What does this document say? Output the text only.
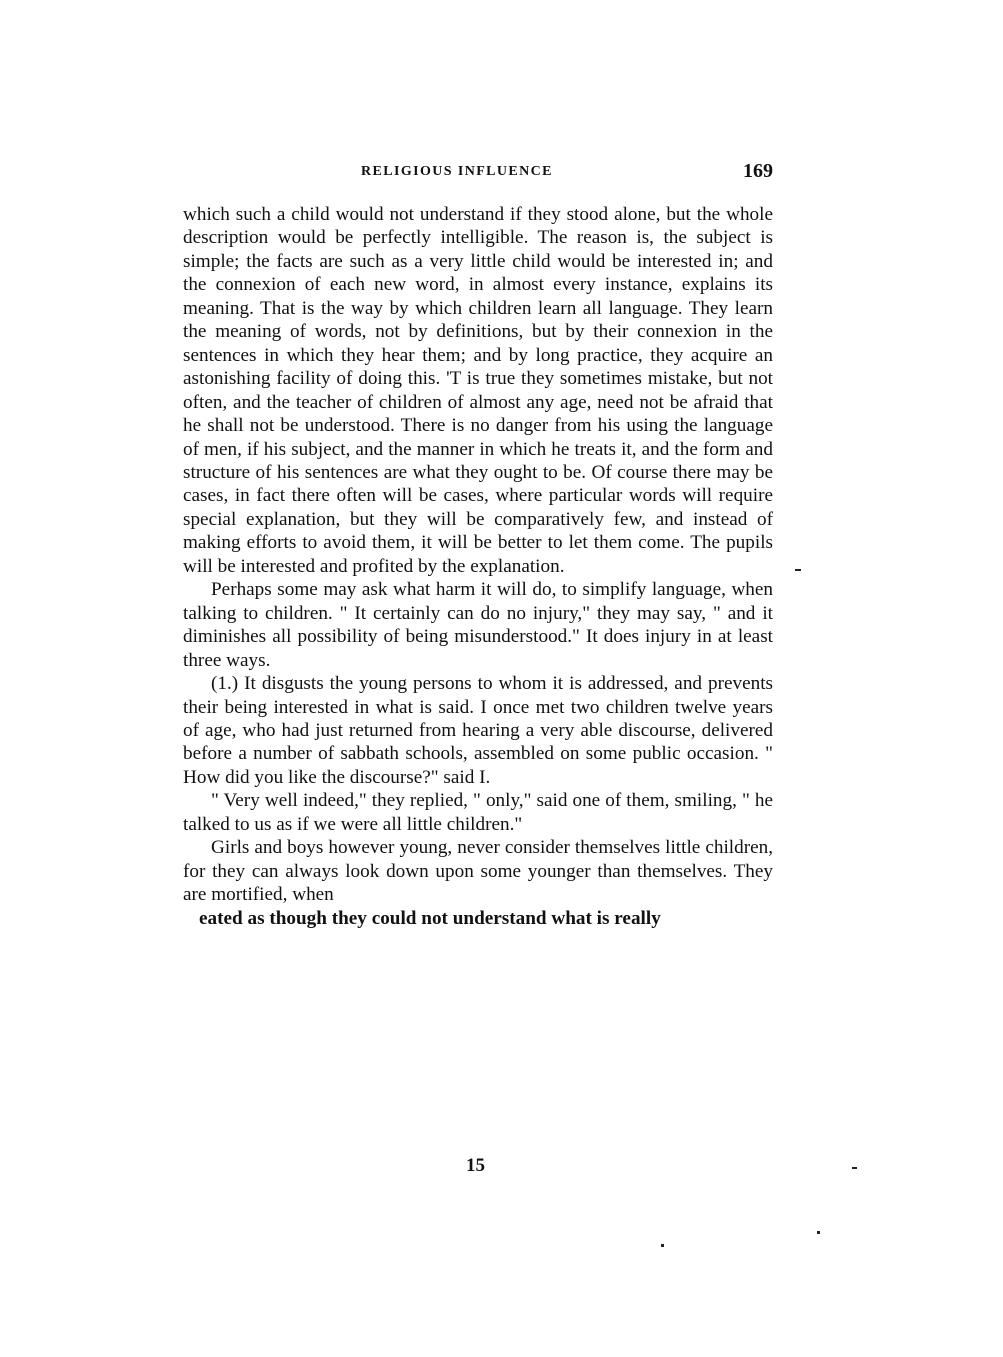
RELIGIOUS INFLUENCE	169

which such a child would not understand if they stood alone, but the whole description would be perfectly intelligible. The reason is, the subject is simple; the facts are such as a very little child would be interested in; and the connexion of each new word, in almost every instance, explains its meaning. That is the way by which children learn all language. They learn the meaning of words, not by definitions, but by their connexion in the sentences in which they hear them; and by long practice, they acquire an astonishing facility of doing this. 'T is true they sometimes mistake, but not often, and the teacher of children of almost any age, need not be afraid that he shall not be understood. There is no danger from his using the language of men, if his subject, and the manner in which he treats it, and the form and structure of his sentences are what they ought to be. Of course there may be cases, in fact there often will be cases, where particular words will require special explanation, but they will be comparatively few, and instead of making efforts to avoid them, it will be better to let them come. The pupils will be interested and profited by the explanation.

Perhaps some may ask what harm it will do, to simplify language, when talking to children. " It certainly can do no injury," they may say, " and it diminishes all possibility of being misunderstood." It does injury in at least three ways.

(1.) It disgusts the young persons to whom it is addressed, and prevents their being interested in what is said. I once met two children twelve years of age, who had just returned from hearing a very able discourse, delivered before a number of sabbath schools, assembled on some public occasion. " How did you like the discourse?" said I.

" Very well indeed," they replied, " only," said one of them, smiling, " he talked to us as if we were all little children."

Girls and boys however young, never consider themselves little children, for they can always look down upon some younger than themselves. They are mortified, when

eated as though they could not understand what is really

15
